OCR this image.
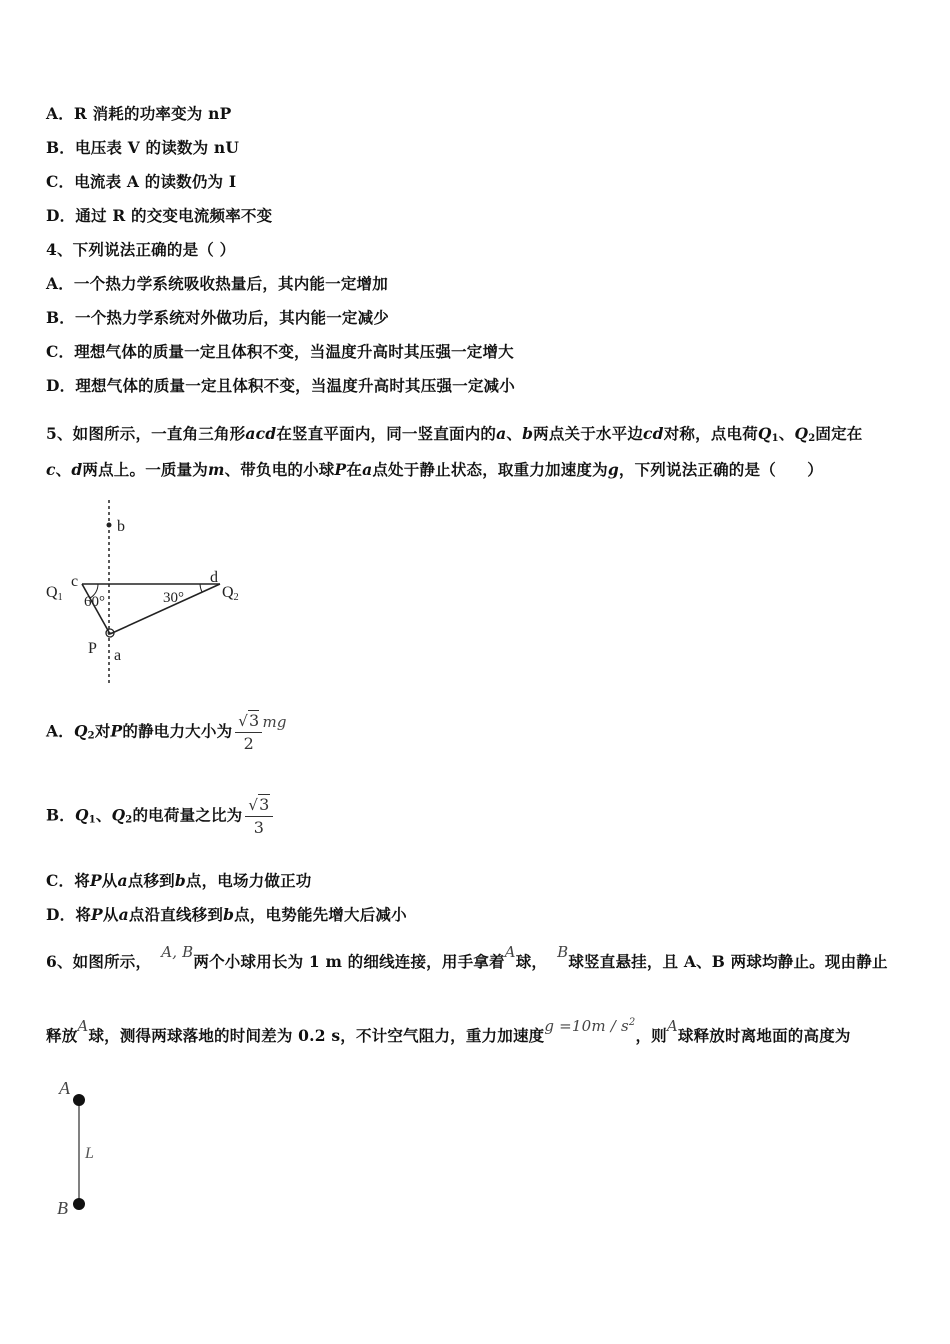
A．R 消耗的功率变为 nP
B．电压表 V 的读数为 nU
C．电流表 A 的读数仍为 I
D．通过 R 的交变电流频率不变
4、下列说法正确的是（ ）
A．一个热力学系统吸收热量后，其内能一定增加
B．一个热力学系统对外做功后，其内能一定减少
C．理想气体的质量一定且体积不变，当温度升高时其压强一定增大
D．理想气体的质量一定且体积不变，当温度升高时其压强一定减小
5、如图所示，一直角三角形acd在竖直平面内，同一竖直面内的a、b两点关于水平边cd对称，点电荷$Q_1$、$Q_2$固定在
c、d两点上。一质量为m、带负电的小球P在a点处于静止状态，取重力加速度为g，下列说法正确的是（　　）
b
c	d
Q1	Q2
60°	30°
P a
A．$Q_2$对P的静电力大小为 $\frac{√3}{2}$ mg
B．$Q_1$、$Q_2$的电荷量之比为 $\frac{√3}{3}$
C．将P从a点移到b点，电场力做正功
D．将P从a点沿直线移到b点，电势能先增大后减小
6、如图所示， A, B两个小球用长为 1 m 的细线连接，用手拿着A球， B球竖直悬挂，且 A、B 两球均静止。现由静止
释放A球，测得两球落地的时间差为 0.2 s，不计空气阻力，重力加速度$g =10m / s^2$，则A球释放时离地面的高度为
A
L
B
